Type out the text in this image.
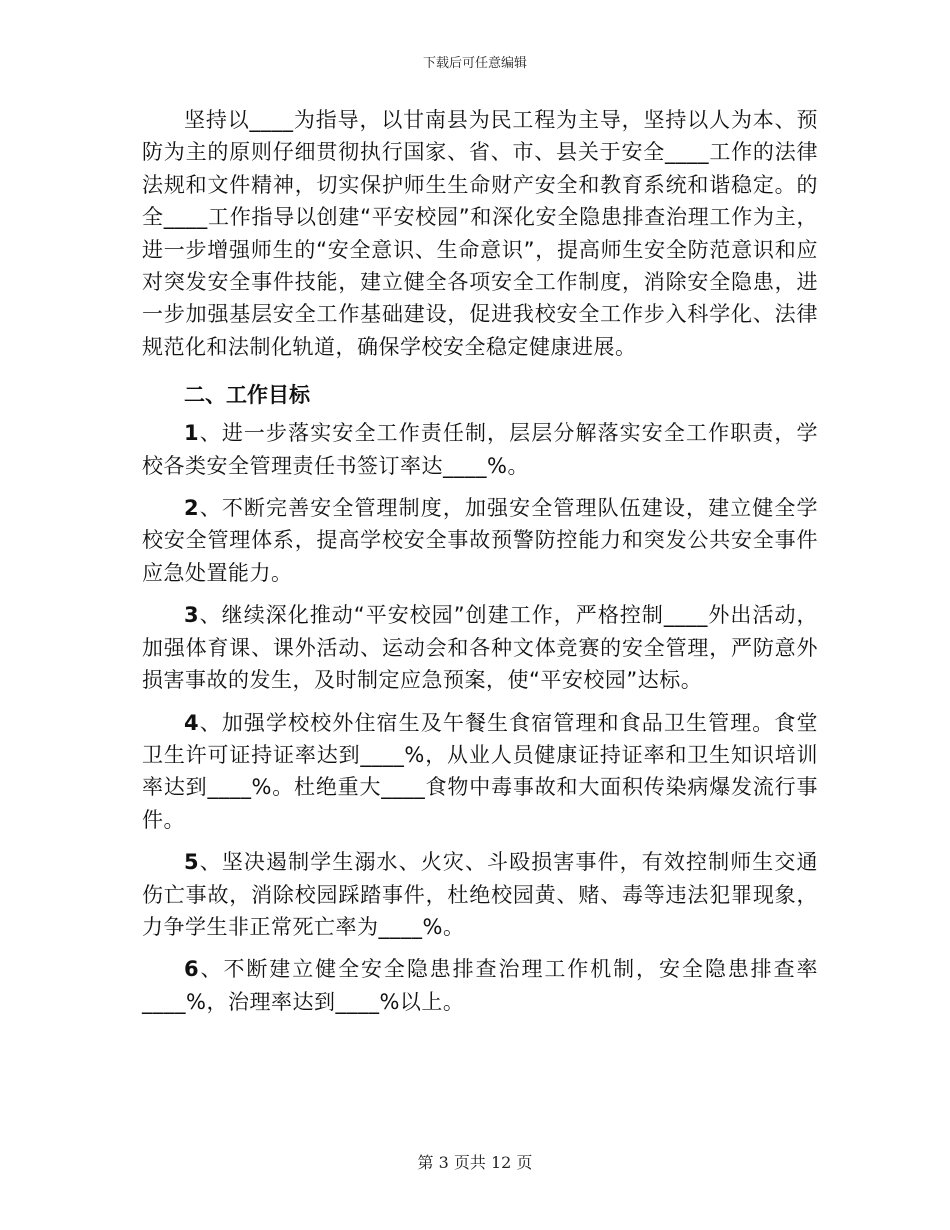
下载后可任意编辑

坚持以____为指导，以甘南县为民工程为主导，坚持以人为本、预防为主的原则仔细贯彻执行国家、省、市、县关于安全____工作的法律法规和文件精神，切实保护师生生命财产安全和教育系统和谐稳定。的全____工作指导以创建“平安校园”和深化安全隐患排查治理工作为主，进一步增强师生的“安全意识、生命意识”，提高师生安全防范意识和应对突发安全事件技能，建立健全各项安全工作制度，消除安全隐患，进一步加强基层安全工作基础建设，促进我校安全工作步入科学化、法律规范化和法制化轨道，确保学校安全稳定健康进展。

二、工作目标

1、进一步落实安全工作责任制，层层分解落实安全工作职责，学校各类安全管理责任书签订率达____%。

2、不断完善安全管理制度，加强安全管理队伍建设，建立健全学校安全管理体系，提高学校安全事故预警防控能力和突发公共安全事件应急处置能力。

3、继续深化推动“平安校园”创建工作，严格控制____外出活动，加强体育课、课外活动、运动会和各种文体竞赛的安全管理，严防意外损害事故的发生，及时制定应急预案，使“平安校园”达标。

4、加强学校校外住宿生及午餐生食宿管理和食品卫生管理。食堂卫生许可证持证率达到____%，从业人员健康证持证率和卫生知识培训率达到____%。杜绝重大____食物中毒事故和大面积传染病爆发流行事件。

5、坚决遏制学生溺水、火灾、斗殴损害事件，有效控制师生交通伤亡事故，消除校园踩踏事件，杜绝校园黄、赌、毒等违法犯罪现象，力争学生非正常死亡率为____%。

6、不断建立健全安全隐患排查治理工作机制，安全隐患排查率____%，治理率达到____%以上。

第 3 页共 12 页
